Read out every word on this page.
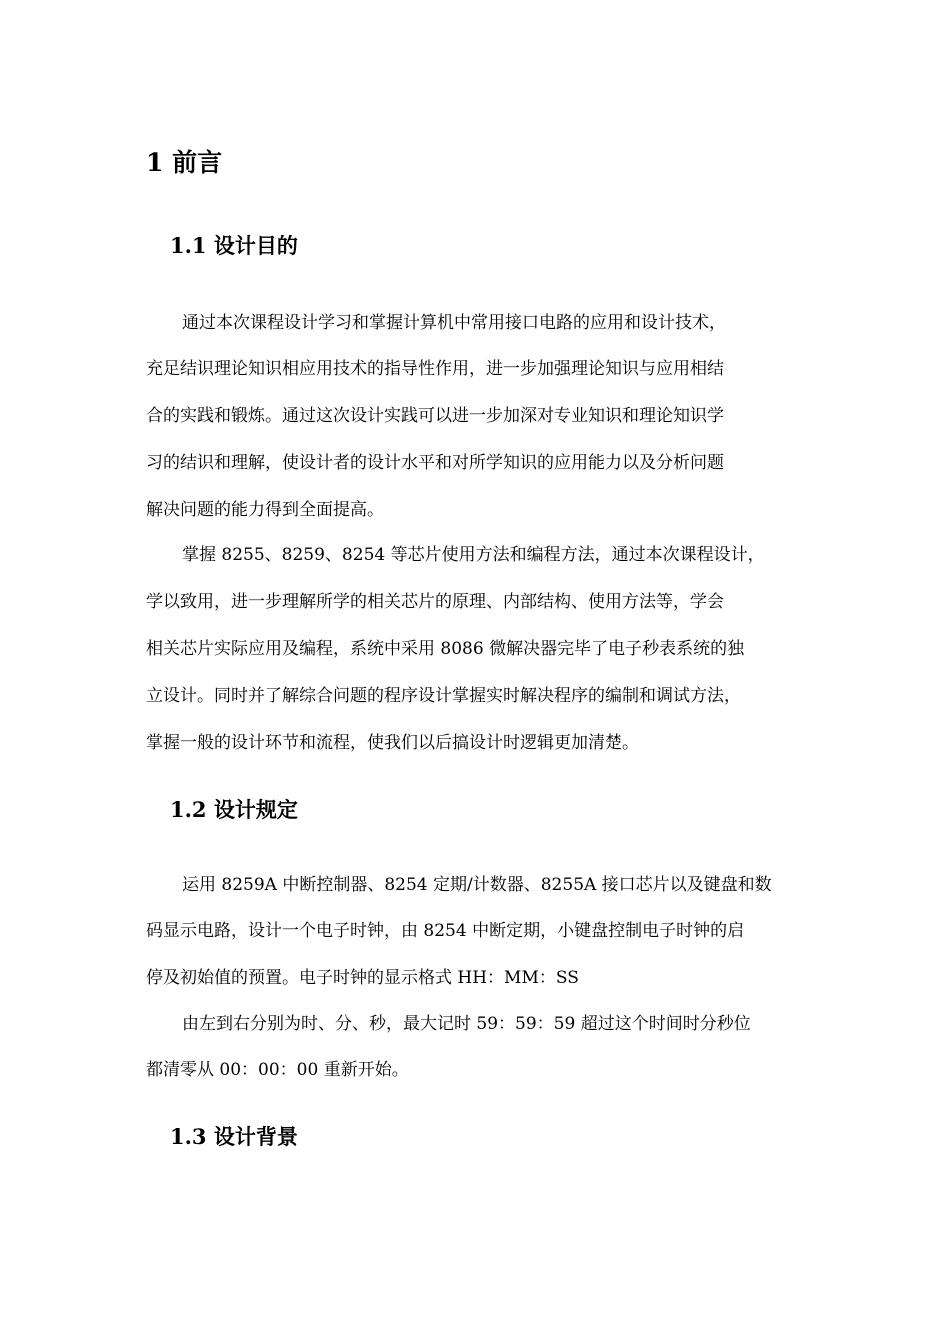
1 前言
1.1 设计目的
通过本次课程设计学习和掌握计算机中常用接口电路的应用和设计技术，
充足结识理论知识相应用技术的指导性作用，进一步加强理论知识与应用相结
合的实践和锻炼。通过这次设计实践可以进一步加深对专业知识和理论知识学
习的结识和理解，使设计者的设计水平和对所学知识的应用能力以及分析问题
解决问题的能力得到全面提高。
掌握 8255、8259、8254 等芯片使用方法和编程方法，通过本次课程设计，
学以致用，进一步理解所学的相关芯片的原理、内部结构、使用方法等，学会
相关芯片实际应用及编程，系统中采用 8086 微解决器完毕了电子秒表系统的独
立设计。同时并了解综合问题的程序设计掌握实时解决程序的编制和调试方法，
掌握一般的设计环节和流程，使我们以后搞设计时逻辑更加清楚。
1.2 设计规定
运用 8259A 中断控制器、8254 定期/计数器、8255A 接口芯片以及键盘和数
码显示电路，设计一个电子时钟，由 8254 中断定期，小键盘控制电子时钟的启
停及初始值的预置。电子时钟的显示格式 HH：MM：SS
由左到右分别为时、分、秒，最大记时 59：59：59 超过这个时间时分秒位
都清零从 00：00：00 重新开始。
1.3 设计背景
